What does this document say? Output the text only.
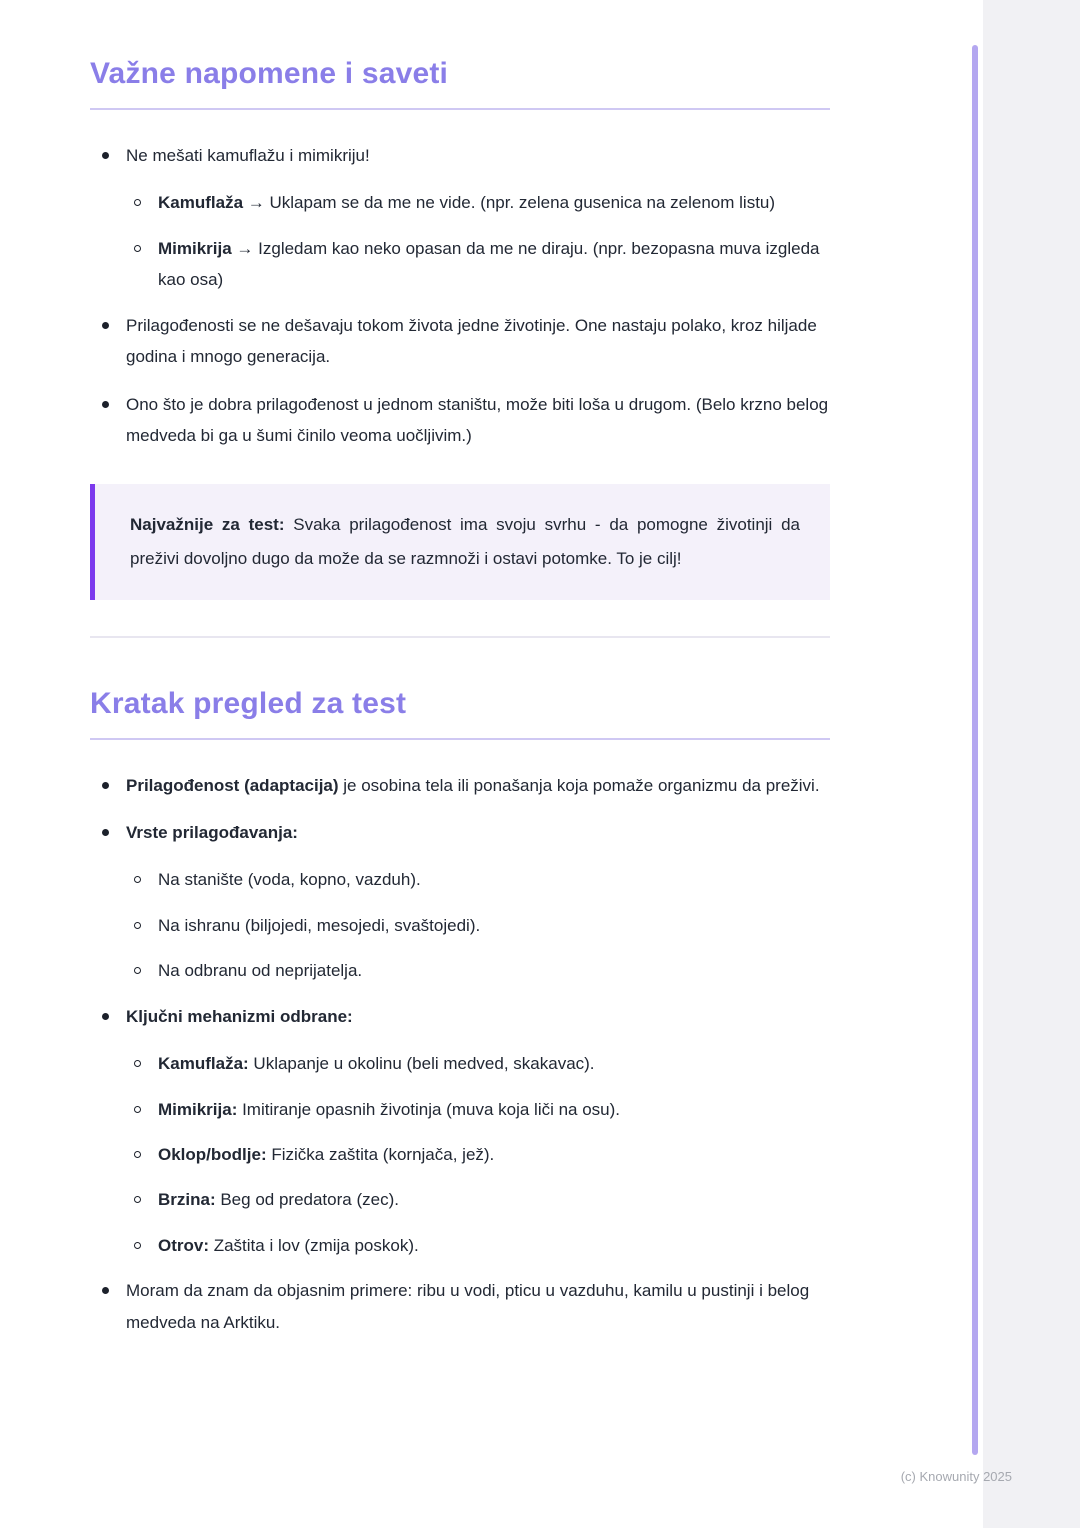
Važne napomene i saveti

Ne mešati kamuflažu i mimikriju!

Kamuflaža → Uklapam se da me ne vide. (npr. zelena gusenica na zelenom listu)

Mimikrija → Izgledam kao neko opasan da me ne diraju. (npr. bezopasna muva izgleda kao osa)

Prilagođenosti se ne dešavaju tokom života jedne životinje. One nastaju polako, kroz hiljade godina i mnogo generacija.

Ono što je dobra prilagođenost u jednom staništu, može biti loša u drugom. (Belo krzno belog medveda bi ga u šumi činilo veoma uočljivim.)

Najvažnije za test: Svaka prilagođenost ima svoju svrhu - da pomogne životinji da preživi dovoljno dugo da može da se razmnoži i ostavi potomke. To je cilj!
Kratak pregled za test

Prilagođenost (adaptacija) je osobina tela ili ponašanja koja pomaže organizmu da preživi.

Vrste prilagođavanja:

Na stanište (voda, kopno, vazduh).

Na ishranu (biljojedi, mesojedi, svaštojedi).

Na odbranu od neprijatelja.

Ključni mehanizmi odbrane:

Kamuflaža: Uklapanje u okolinu (beli medved, skakavac).

Mimikrija: Imitiranje opasnih životinja (muva koja liči na osu).

Oklop/bodlje: Fizička zaštita (kornjača, jež).

Brzina: Beg od predatora (zec).

Otrov: Zaštita i lov (zmija poskok).

Moram da znam da objasnim primere: ribu u vodi, pticu u vazduhu, kamilu u pustinji i belog medveda na Arktiku.

(c) Knowunity 2025
